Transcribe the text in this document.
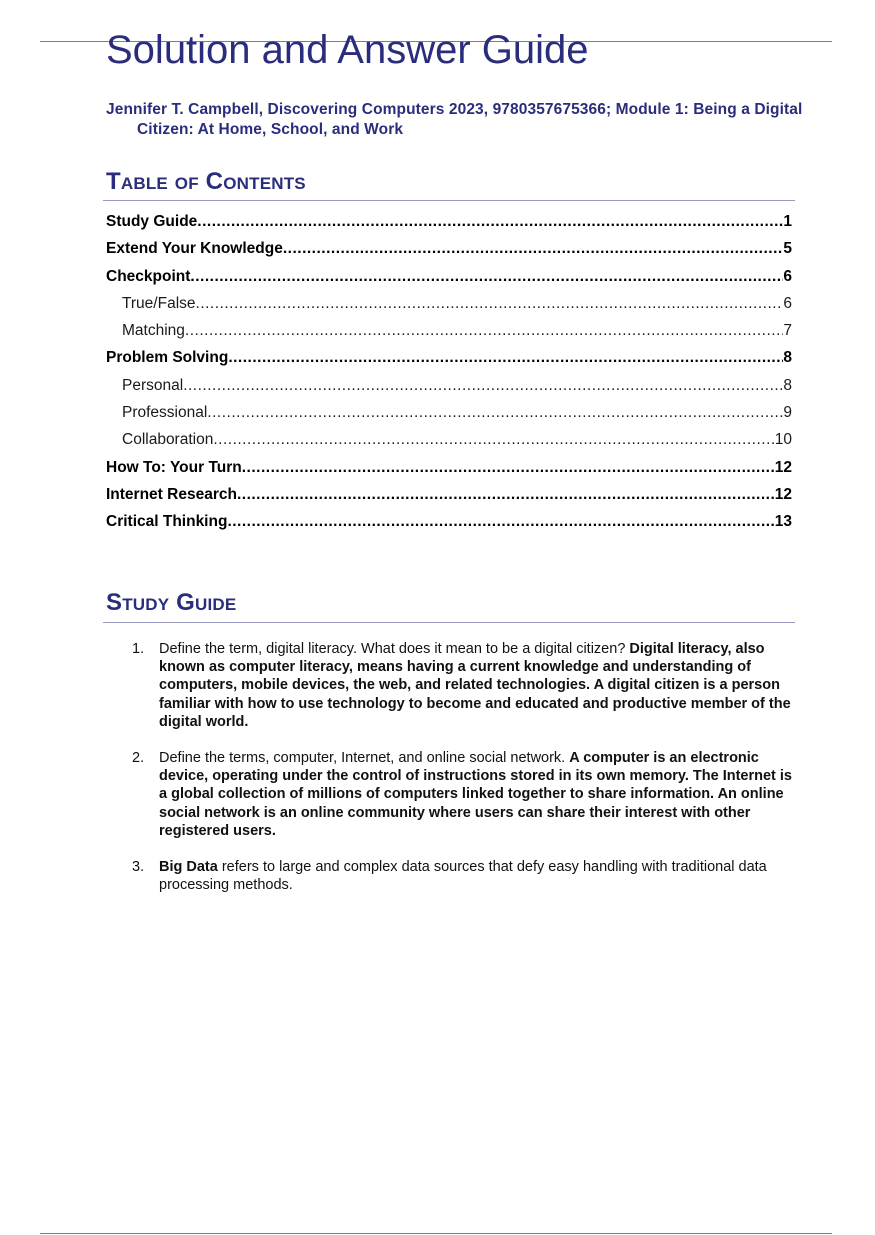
Solution and Answer Guide

Jennifer T. Campbell, Discovering Computers 2023, 9780357675366; Module 1: Being a Digital Citizen: At Home, School, and Work

Table of Contents
Study Guide .....	1
Extend Your Knowledge .....	5
Checkpoint .....	6
True/False .....	6
Matching .....	7
Problem Solving .....	8
Personal .....	8
Professional .....	9
Collaboration .....	10
How To: Your Turn .....	12
Internet Research .....	12
Critical Thinking .....	13
Study Guide
1. Define the term, digital literacy. What does it mean to be a digital citizen? Digital literacy, also known as computer literacy, means having a current knowledge and understanding of computers, mobile devices, the web, and related technologies. A digital citizen is a person familiar with how to use technology to become and educated and productive member of the digital world.
2. Define the terms, computer, Internet, and online social network. A computer is an electronic device, operating under the control of instructions stored in its own memory. The Internet is a global collection of millions of computers linked together to share information. An online social network is an online community where users can share their interest with other registered users.
3. Big Data refers to large and complex data sources that defy easy handling with traditional data processing methods.
